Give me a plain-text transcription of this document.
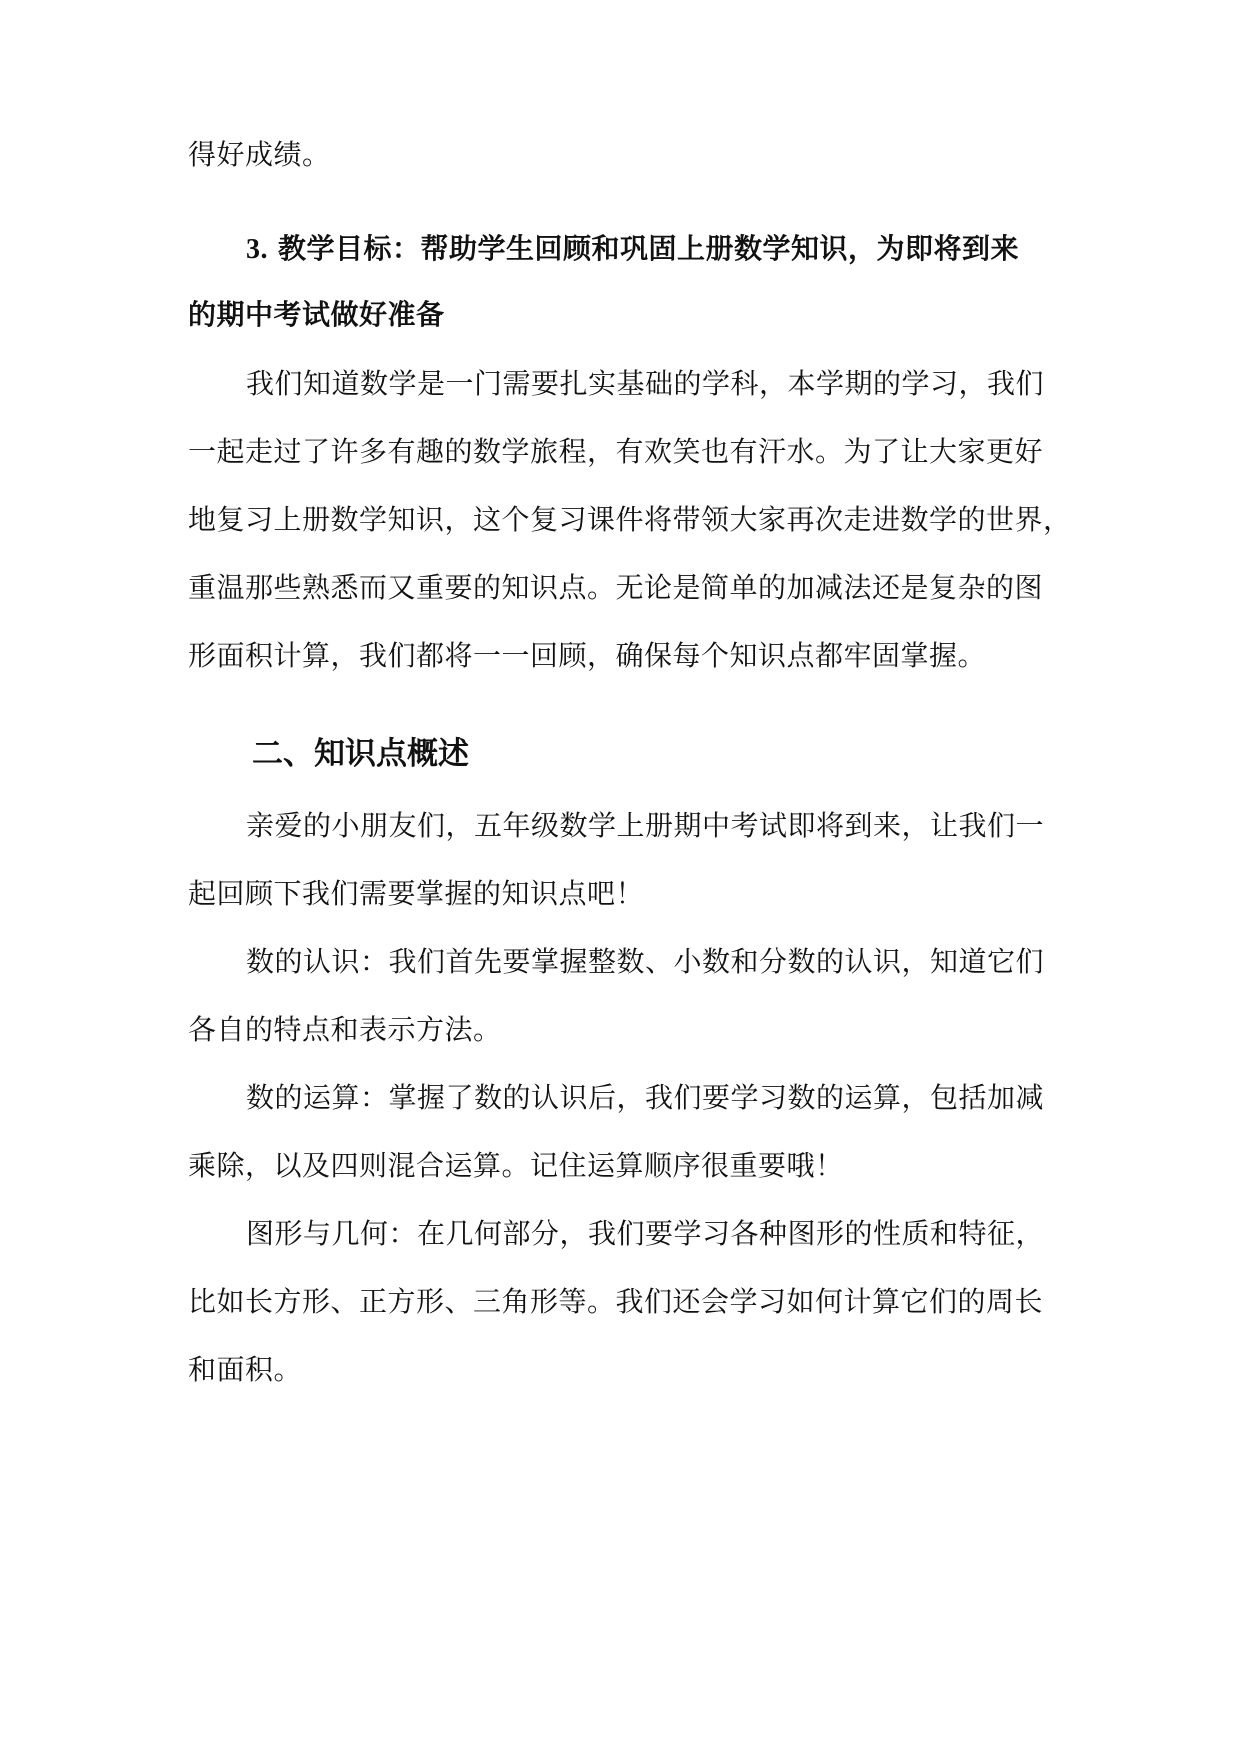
得好成绩。
3. 教学目标：帮助学生回顾和巩固上册数学知识，为即将到来
的期中考试做好准备
我们知道数学是一门需要扎实基础的学科，本学期的学习，我们
一起走过了许多有趣的数学旅程，有欢笑也有汗水。为了让大家更好
地复习上册数学知识，这个复习课件将带领大家再次走进数学的世界，
重温那些熟悉而又重要的知识点。无论是简单的加减法还是复杂的图
形面积计算，我们都将一一回顾，确保每个知识点都牢固掌握。
二、知识点概述
亲爱的小朋友们，五年级数学上册期中考试即将到来，让我们一
起回顾下我们需要掌握的知识点吧！
数的认识：我们首先要掌握整数、小数和分数的认识，知道它们
各自的特点和表示方法。
数的运算：掌握了数的认识后，我们要学习数的运算，包括加减
乘除，以及四则混合运算。记住运算顺序很重要哦！
图形与几何：在几何部分，我们要学习各种图形的性质和特征，
比如长方形、正方形、三角形等。我们还会学习如何计算它们的周长
和面积。
